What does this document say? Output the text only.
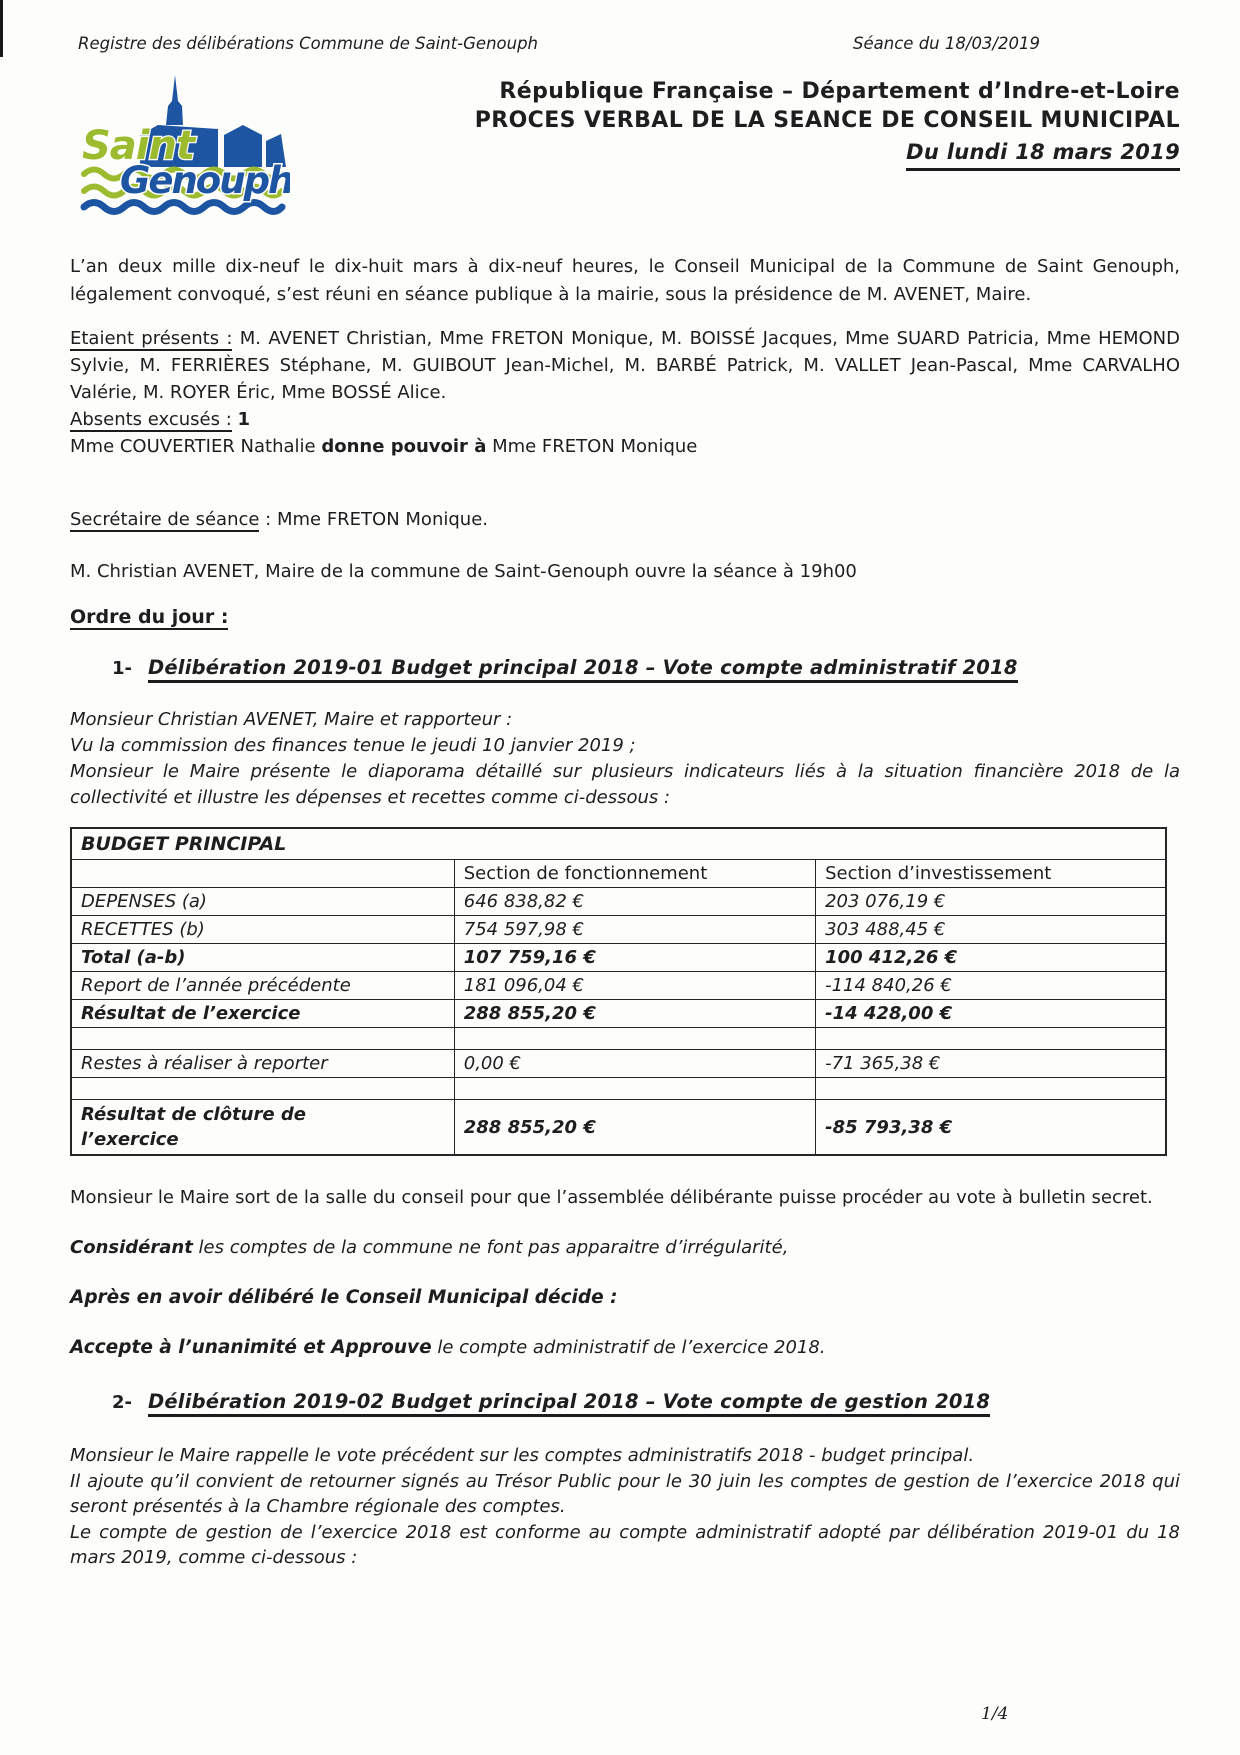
Registre des délibérations Commune de Saint-Genouph	Séance du 18/03/2019
Saint
Genouph
République Française – Département d’Indre-et-Loire
PROCES VERBAL DE LA SEANCE DE CONSEIL MUNICIPAL
Du lundi 18 mars 2019
L’an deux mille dix-neuf le dix-huit mars à dix-neuf heures, le Conseil Municipal de la Commune de Saint Genouph, légalement convoqué, s’est réuni en séance publique à la mairie, sous la présidence de M. AVENET, Maire.
Etaient présents : M. AVENET Christian, Mme FRETON Monique, M. BOISSÉ Jacques, Mme SUARD Patricia, Mme HEMOND Sylvie, M. FERRIÈRES Stéphane, M. GUIBOUT Jean-Michel, M. BARBÉ Patrick, M. VALLET Jean-Pascal, Mme CARVALHO Valérie, M. ROYER Éric, Mme BOSSÉ Alice.
Absents excusés : 1
Mme COUVERTIER Nathalie donne pouvoir à Mme FRETON Monique
Secrétaire de séance : Mme FRETON Monique.
M. Christian AVENET, Maire de la commune de Saint-Genouph ouvre la séance à 19h00
Ordre du jour :
1- Délibération 2019-01 Budget principal 2018 – Vote compte administratif 2018
Monsieur Christian AVENET, Maire et rapporteur :
Vu la commission des finances tenue le jeudi 10 janvier 2019 ;
Monsieur le Maire présente le diaporama détaillé sur plusieurs indicateurs liés à la situation financière 2018 de la collectivité et illustre les dépenses et recettes comme ci-dessous :
BUDGET PRINCIPAL		
	Section de fonctionnement	Section d’investissement
DEPENSES (a)	646 838,82 €	203 076,19 €
RECETTES (b)	754 597,98 €	303 488,45 €
Total (a-b)	107 759,16 €	100 412,26 €
Report de l’année précédente	181 096,04 €	-114 840,26 €
Résultat de l’exercice	288 855,20 €	-14 428,00 €

Restes à réaliser à reporter	0,00 €	-71 365,38 €

Résultat de clôture de l’exercice	288 855,20 €	-85 793,38 €
Monsieur le Maire sort de la salle du conseil pour que l’assemblée délibérante puisse procéder au vote à bulletin secret.
Considérant les comptes de la commune ne font pas apparaitre d’irrégularité,
Après en avoir délibéré le Conseil Municipal décide :
Accepte à l’unanimité et Approuve le compte administratif de l’exercice 2018.
2- Délibération 2019-02 Budget principal 2018 – Vote compte de gestion 2018
Monsieur le Maire rappelle le vote précédent sur les comptes administratifs 2018 - budget principal.
Il ajoute qu’il convient de retourner signés au Trésor Public pour le 30 juin les comptes de gestion de l’exercice 2018 qui seront présentés à la Chambre régionale des comptes.
Le compte de gestion de l’exercice 2018 est conforme au compte administratif adopté par délibération 2019-01 du 18 mars 2019, comme ci-dessous :
1/4
